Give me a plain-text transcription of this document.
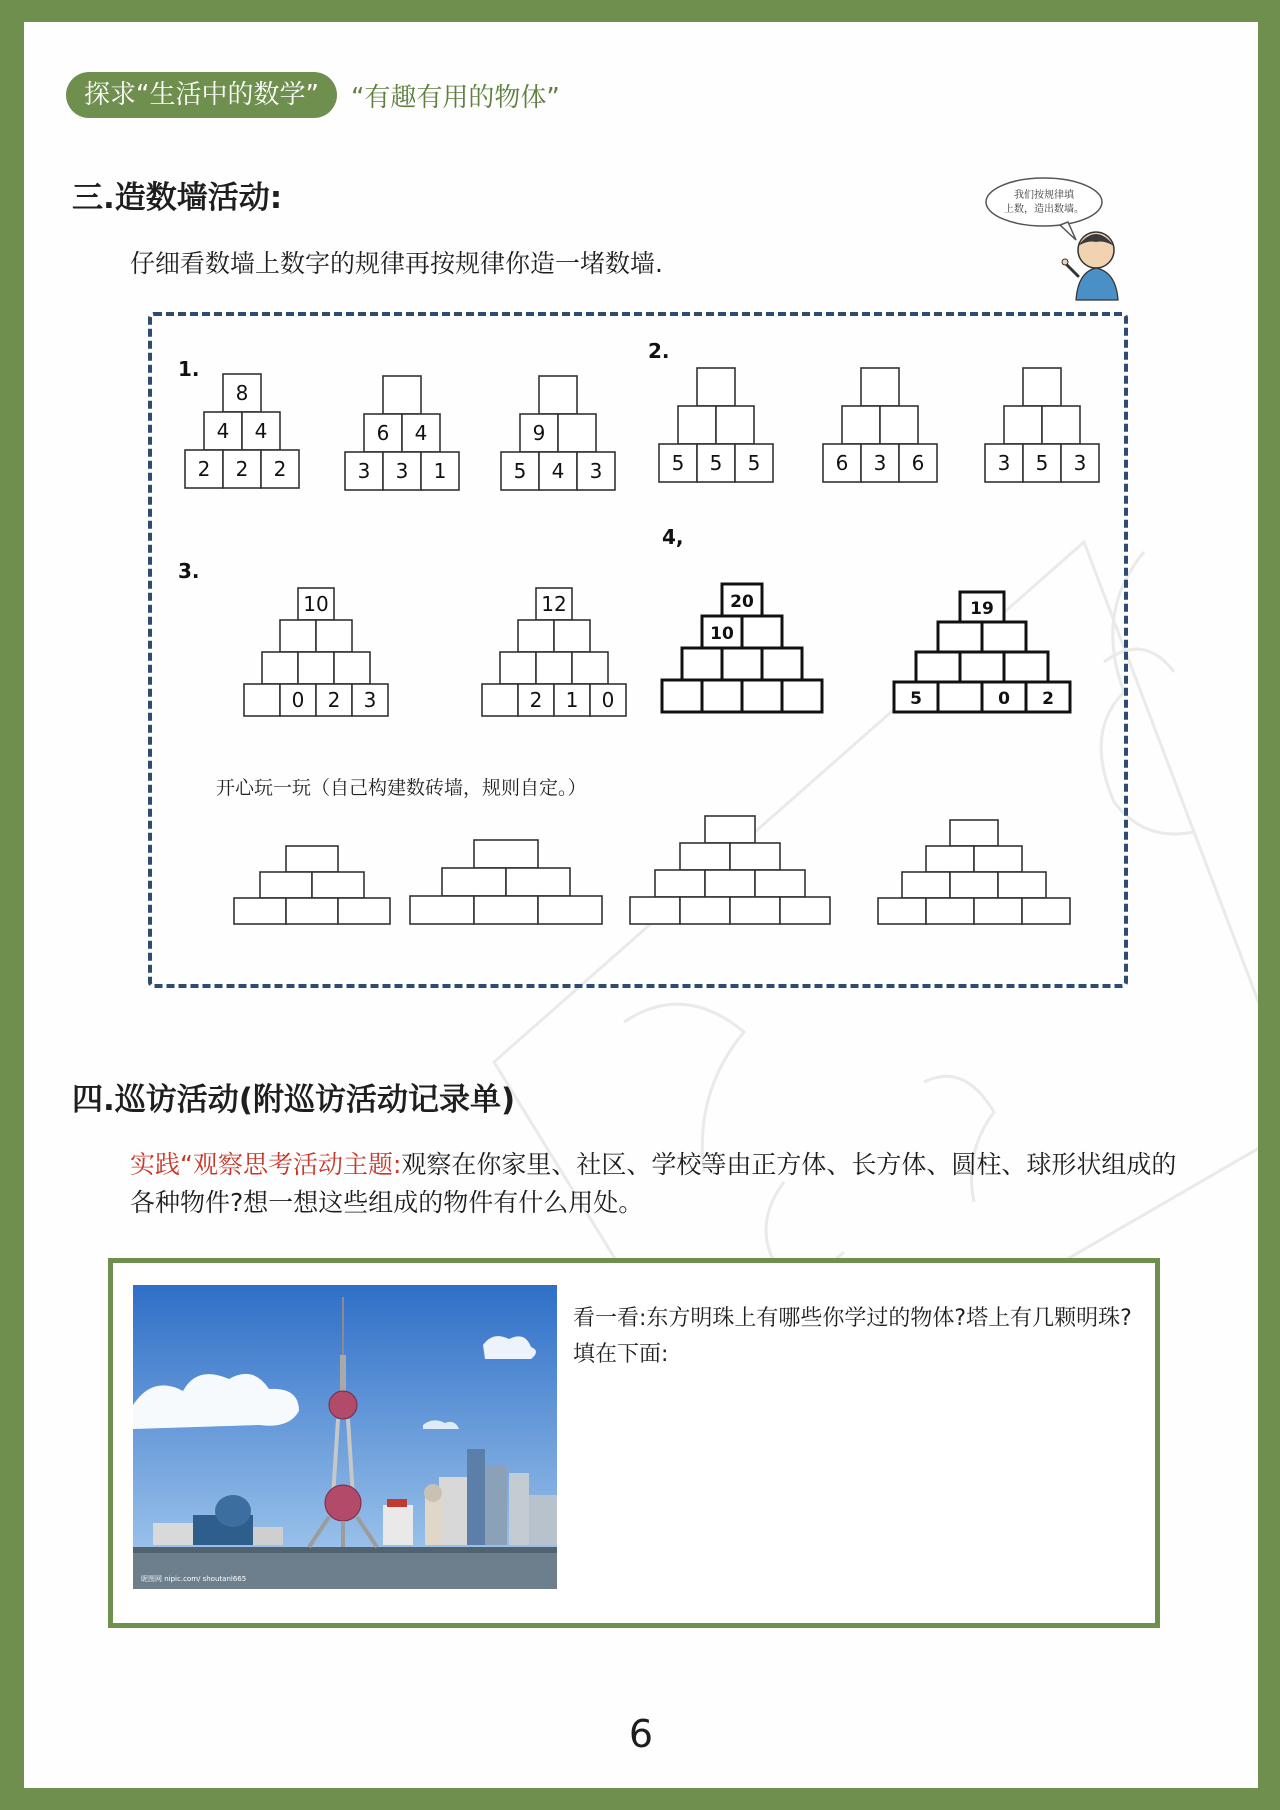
探求“生活中的数学”	“有趣有用的物体”
三.造数墙活动:
仔细看数墙上数字的规律再按规律你造一堵数墙.
我们按规律填
上数，造出数墙。
1.
2.
3.
4,
8
4 4
2 2 2
6 4
3 3 1
9
5 4 3	5 5 5	6 3 6	3 5 3
10
0 2 3
12
2 1 0
20
10
19
5	0 2
开心玩一玩（自己构建数砖墙，规则自定。）
四.巡访活动(附巡访活动记录单)
实践“观察思考活动主题:观察在你家里、社区、学校等由正方体、长方体、圆柱、球形状组成的各种物件?想一想这些组成的物件有什么用处。
昵图网 nipic.com/ shoutanl665
看一看:东方明珠上有哪些你学过的物体?塔上有几颗明珠? 填在下面:
6
